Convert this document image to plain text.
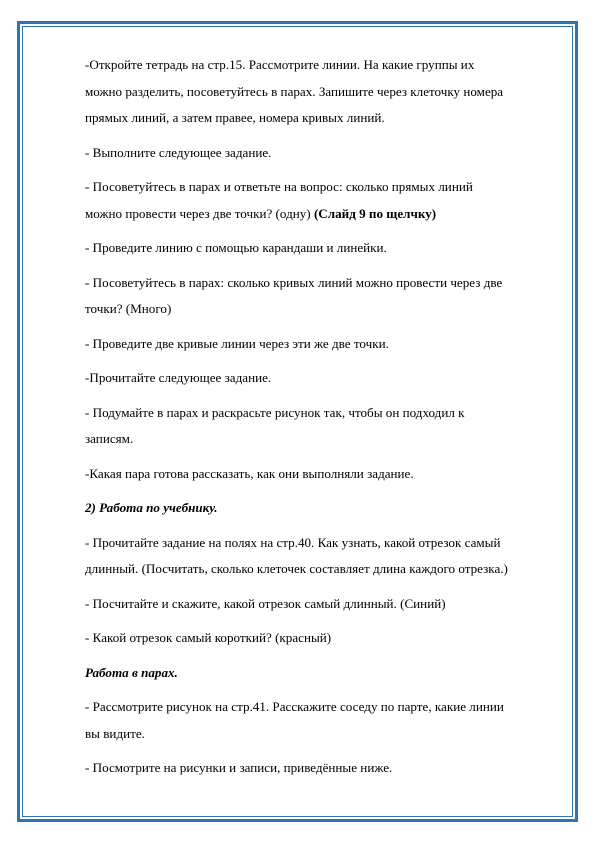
-Откройте тетрадь на стр.15. Рассмотрите линии. На какие группы их
можно разделить, посоветуйтесь в парах. Запишите через клеточку номера
прямых линий, а затем правее, номера кривых линий.
- Выполните следующее задание.
- Посоветуйтесь в парах и ответьте на вопрос: сколько прямых линий
можно провести через две точки? (одну) (Слайд 9 по щелчку)
- Проведите линию с помощью карандаши и линейки.
- Посоветуйтесь в парах: сколько кривых линий можно провести через две
точки? (Много)
- Проведите две кривые линии через эти же две точки.
-Прочитайте следующее задание.
- Подумайте в парах и раскрасьте рисунок так, чтобы он подходил к
записям.
-Какая пара готова рассказать, как они выполняли задание.
2) Работа по учебнику.
- Прочитайте задание на полях на стр.40. Как узнать, какой отрезок самый
длинный. (Посчитать, сколько клеточек составляет длина каждого отрезка.)
- Посчитайте и скажите, какой отрезок самый длинный. (Синий)
- Какой отрезок самый короткий? (красный)
Работа в парах.
- Рассмотрите рисунок на стр.41. Расскажите соседу по парте, какие линии
вы видите.
- Посмотрите на рисунки и записи, приведённые ниже.
